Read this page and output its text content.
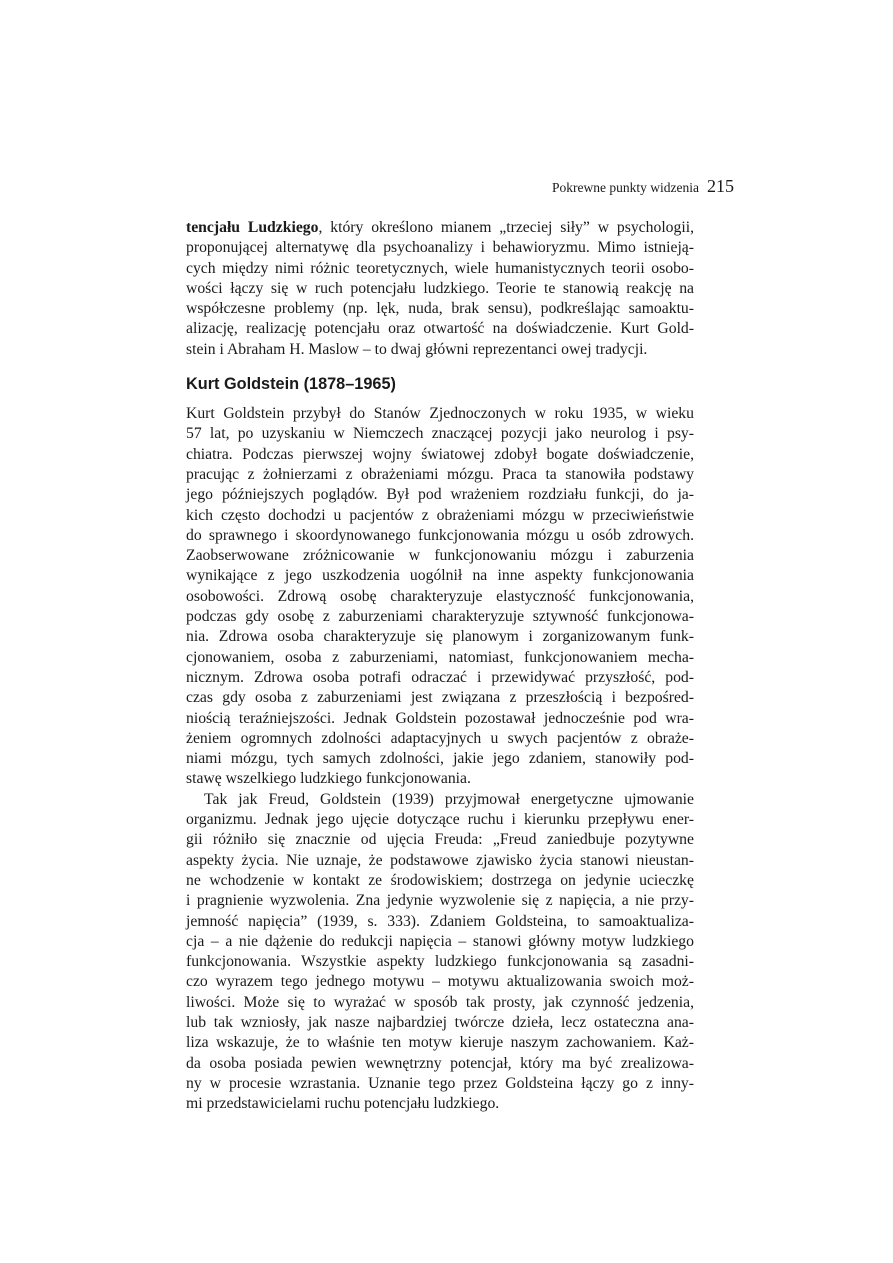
Pokrewne punkty widzenia 215
tencjału Ludzkiego, który określono mianem „trzeciej siły” w psychologii,
proponującej alternatywę dla psychoanalizy i behawioryzmu. Mimo istnieją-
cych między nimi różnic teoretycznych, wiele humanistycznych teorii osobo-
wości łączy się w ruch potencjału ludzkiego. Teorie te stanowią reakcję na
współczesne problemy (np. lęk, nuda, brak sensu), podkreślając samoaktu-
alizację, realizację potencjału oraz otwartość na doświadczenie. Kurt Gold-
stein i Abraham H. Maslow – to dwaj główni reprezentanci owej tradycji.
Kurt Goldstein (1878–1965)
Kurt Goldstein przybył do Stanów Zjednoczonych w roku 1935, w wieku
57 lat, po uzyskaniu w Niemczech znaczącej pozycji jako neurolog i psy-
chiatra. Podczas pierwszej wojny światowej zdobył bogate doświadczenie,
pracując z żołnierzami z obrażeniami mózgu. Praca ta stanowiła podstawy
jego późniejszych poglądów. Był pod wrażeniem rozdziału funkcji, do ja-
kich często dochodzi u pacjentów z obrażeniami mózgu w przeciwieństwie
do sprawnego i skoordynowanego funkcjonowania mózgu u osób zdrowych.
Zaobserwowane zróżnicowanie w funkcjonowaniu mózgu i zaburzenia
wynikające z jego uszkodzenia uogólnił na inne aspekty funkcjonowania
osobowości. Zdrową osobę charakteryzuje elastyczność funkcjonowania,
podczas gdy osobę z zaburzeniami charakteryzuje sztywność funkcjonowa-
nia. Zdrowa osoba charakteryzuje się planowym i zorganizowanym funk-
cjonowaniem, osoba z zaburzeniami, natomiast, funkcjonowaniem mecha-
nicznym. Zdrowa osoba potrafi odraczać i przewidywać przyszłość, pod-
czas gdy osoba z zaburzeniami jest związana z przeszłością i bezpośred-
niością teraźniejszości. Jednak Goldstein pozostawał jednocześnie pod wra-
żeniem ogromnych zdolności adaptacyjnych u swych pacjentów z obraże-
niami mózgu, tych samych zdolności, jakie jego zdaniem, stanowiły pod-
stawę wszelkiego ludzkiego funkcjonowania.
Tak jak Freud, Goldstein (1939) przyjmował energetyczne ujmowanie
organizmu. Jednak jego ujęcie dotyczące ruchu i kierunku przepływu ener-
gii różniło się znacznie od ujęcia Freuda: „Freud zaniedbuje pozytywne
aspekty życia. Nie uznaje, że podstawowe zjawisko życia stanowi nieustan-
ne wchodzenie w kontakt ze środowiskiem; dostrzega on jedynie ucieczkę
i pragnienie wyzwolenia. Zna jedynie wyzwolenie się z napięcia, a nie przy-
jemność napięcia” (1939, s. 333). Zdaniem Goldsteina, to samoaktualiza-
cja – a nie dążenie do redukcji napięcia – stanowi główny motyw ludzkiego
funkcjonowania. Wszystkie aspekty ludzkiego funkcjonowania są zasadni-
czo wyrazem tego jednego motywu – motywu aktualizowania swoich moż-
liwości. Może się to wyrażać w sposób tak prosty, jak czynność jedzenia,
lub tak wzniosły, jak nasze najbardziej twórcze dzieła, lecz ostateczna ana-
liza wskazuje, że to właśnie ten motyw kieruje naszym zachowaniem. Każ-
da osoba posiada pewien wewnętrzny potencjał, który ma być zrealizowa-
ny w procesie wzrastania. Uznanie tego przez Goldsteina łączy go z inny-
mi przedstawicielami ruchu potencjału ludzkiego.
